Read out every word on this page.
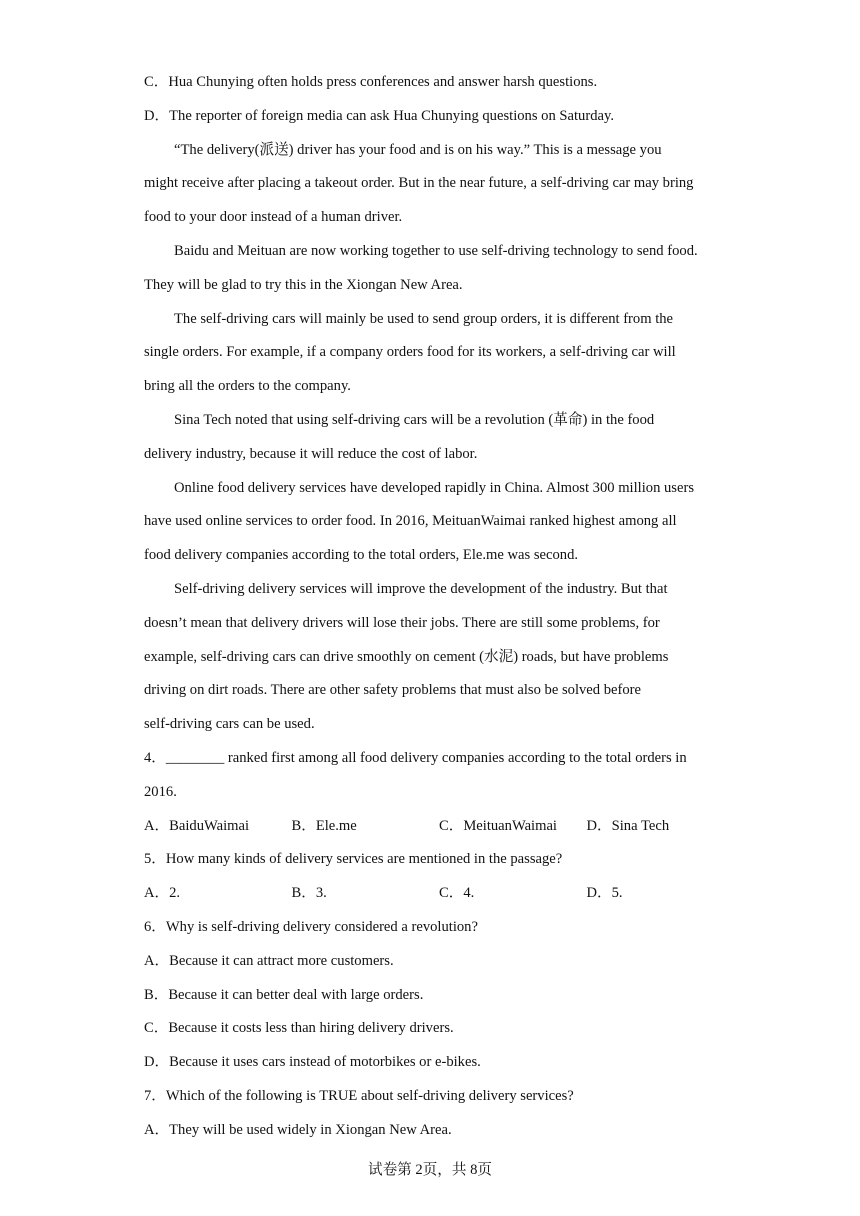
C．Hua Chunying often holds press conferences and answer harsh questions.
D．The reporter of foreign media can ask Hua Chunying questions on Saturday.
“The delivery(派送) driver has your food and is on his way.” This is a message you
might receive after placing a takeout order. But in the near future, a self-driving car may bring
food to your door instead of a human driver.
Baidu and Meituan are now working together to use self-driving technology to send food.
They will be glad to try this in the Xiongan New Area.
The self-driving cars will mainly be used to send group orders, it is different from the
single orders. For example, if a company orders food for its workers, a self-driving car will
bring all the orders to the company.
Sina Tech noted that using self-driving cars will be a revolution (革命) in the food
delivery industry, because it will reduce the cost of labor.
Online food delivery services have developed rapidly in China. Almost 300 million users
have used online services to order food. In 2016, MeituanWaimai ranked highest among all
food delivery companies according to the total orders, Ele.me was second.
Self-driving delivery services will improve the development of the industry. But that
doesn’t mean that delivery drivers will lose their jobs. There are still some problems, for
example, self-driving cars can drive smoothly on cement (水泥) roads, but have problems
driving on dirt roads. There are other safety problems that must also be solved before
self-driving cars can be used.
4．________ ranked first among all food delivery companies according to the total orders in
2016.
A．BaiduWaimai	B．Ele.me	C．MeituanWaimai	D．Sina Tech
5．How many kinds of delivery services are mentioned in the passage?
A．2.	B．3.	C．4.	D．5.
6．Why is self-driving delivery considered a revolution?
A．Because it can attract more customers.
B．Because it can better deal with large orders.
C．Because it costs less than hiring delivery drivers.
D．Because it uses cars instead of motorbikes or e-bikes.
7．Which of the following is TRUE about self-driving delivery services?
A．They will be used widely in Xiongan New Area.
试卷第 2页，共 8页
